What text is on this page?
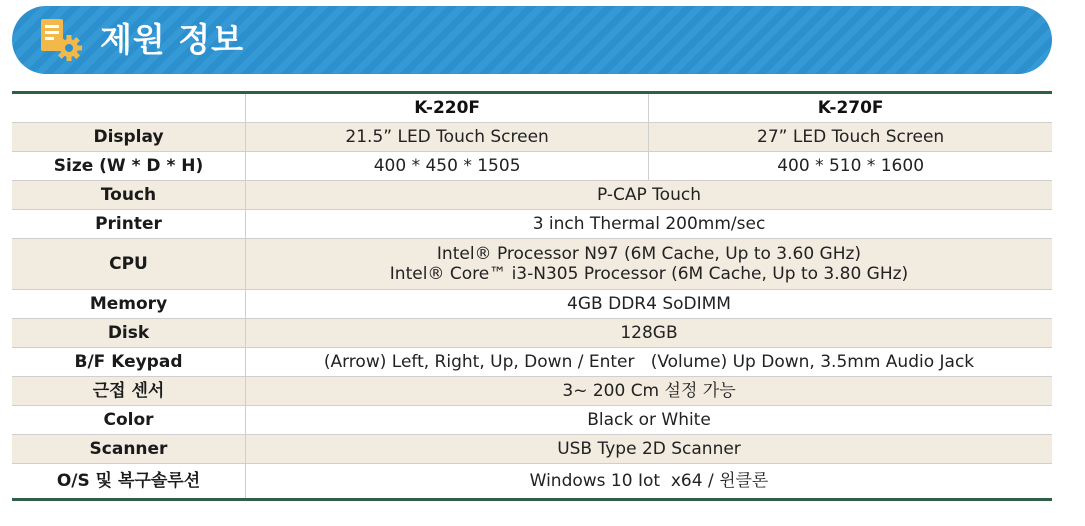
제원 정보
	K-220F	K-270F
Display	21.5” LED Touch Screen	27” LED Touch Screen
Size (W * D * H)	400 * 450 * 1505	400 * 510 * 1600
Touch	P-CAP Touch	
Printer	3 inch Thermal 200mm/sec	
CPU	Intel® Processor N97 (6M Cache, Up to 3.60 GHz)
Intel® Core™ i3-N305 Processor (6M Cache, Up to 3.80 GHz)	

Memory	4GB DDR4 SoDIMM	
Disk	128GB	
B/F Keypad	(Arrow) Left, Right, Up, Down / Enter   (Volume) Up Down, 3.5mm Audio Jack	
근접 센서	3~ 200 Cm 설정 가능	
Color	Black or White	
Scanner	USB Type 2D Scanner	
O/S 및 복구솔루션	Windows 10 Iot  x64 / 윈클론	
